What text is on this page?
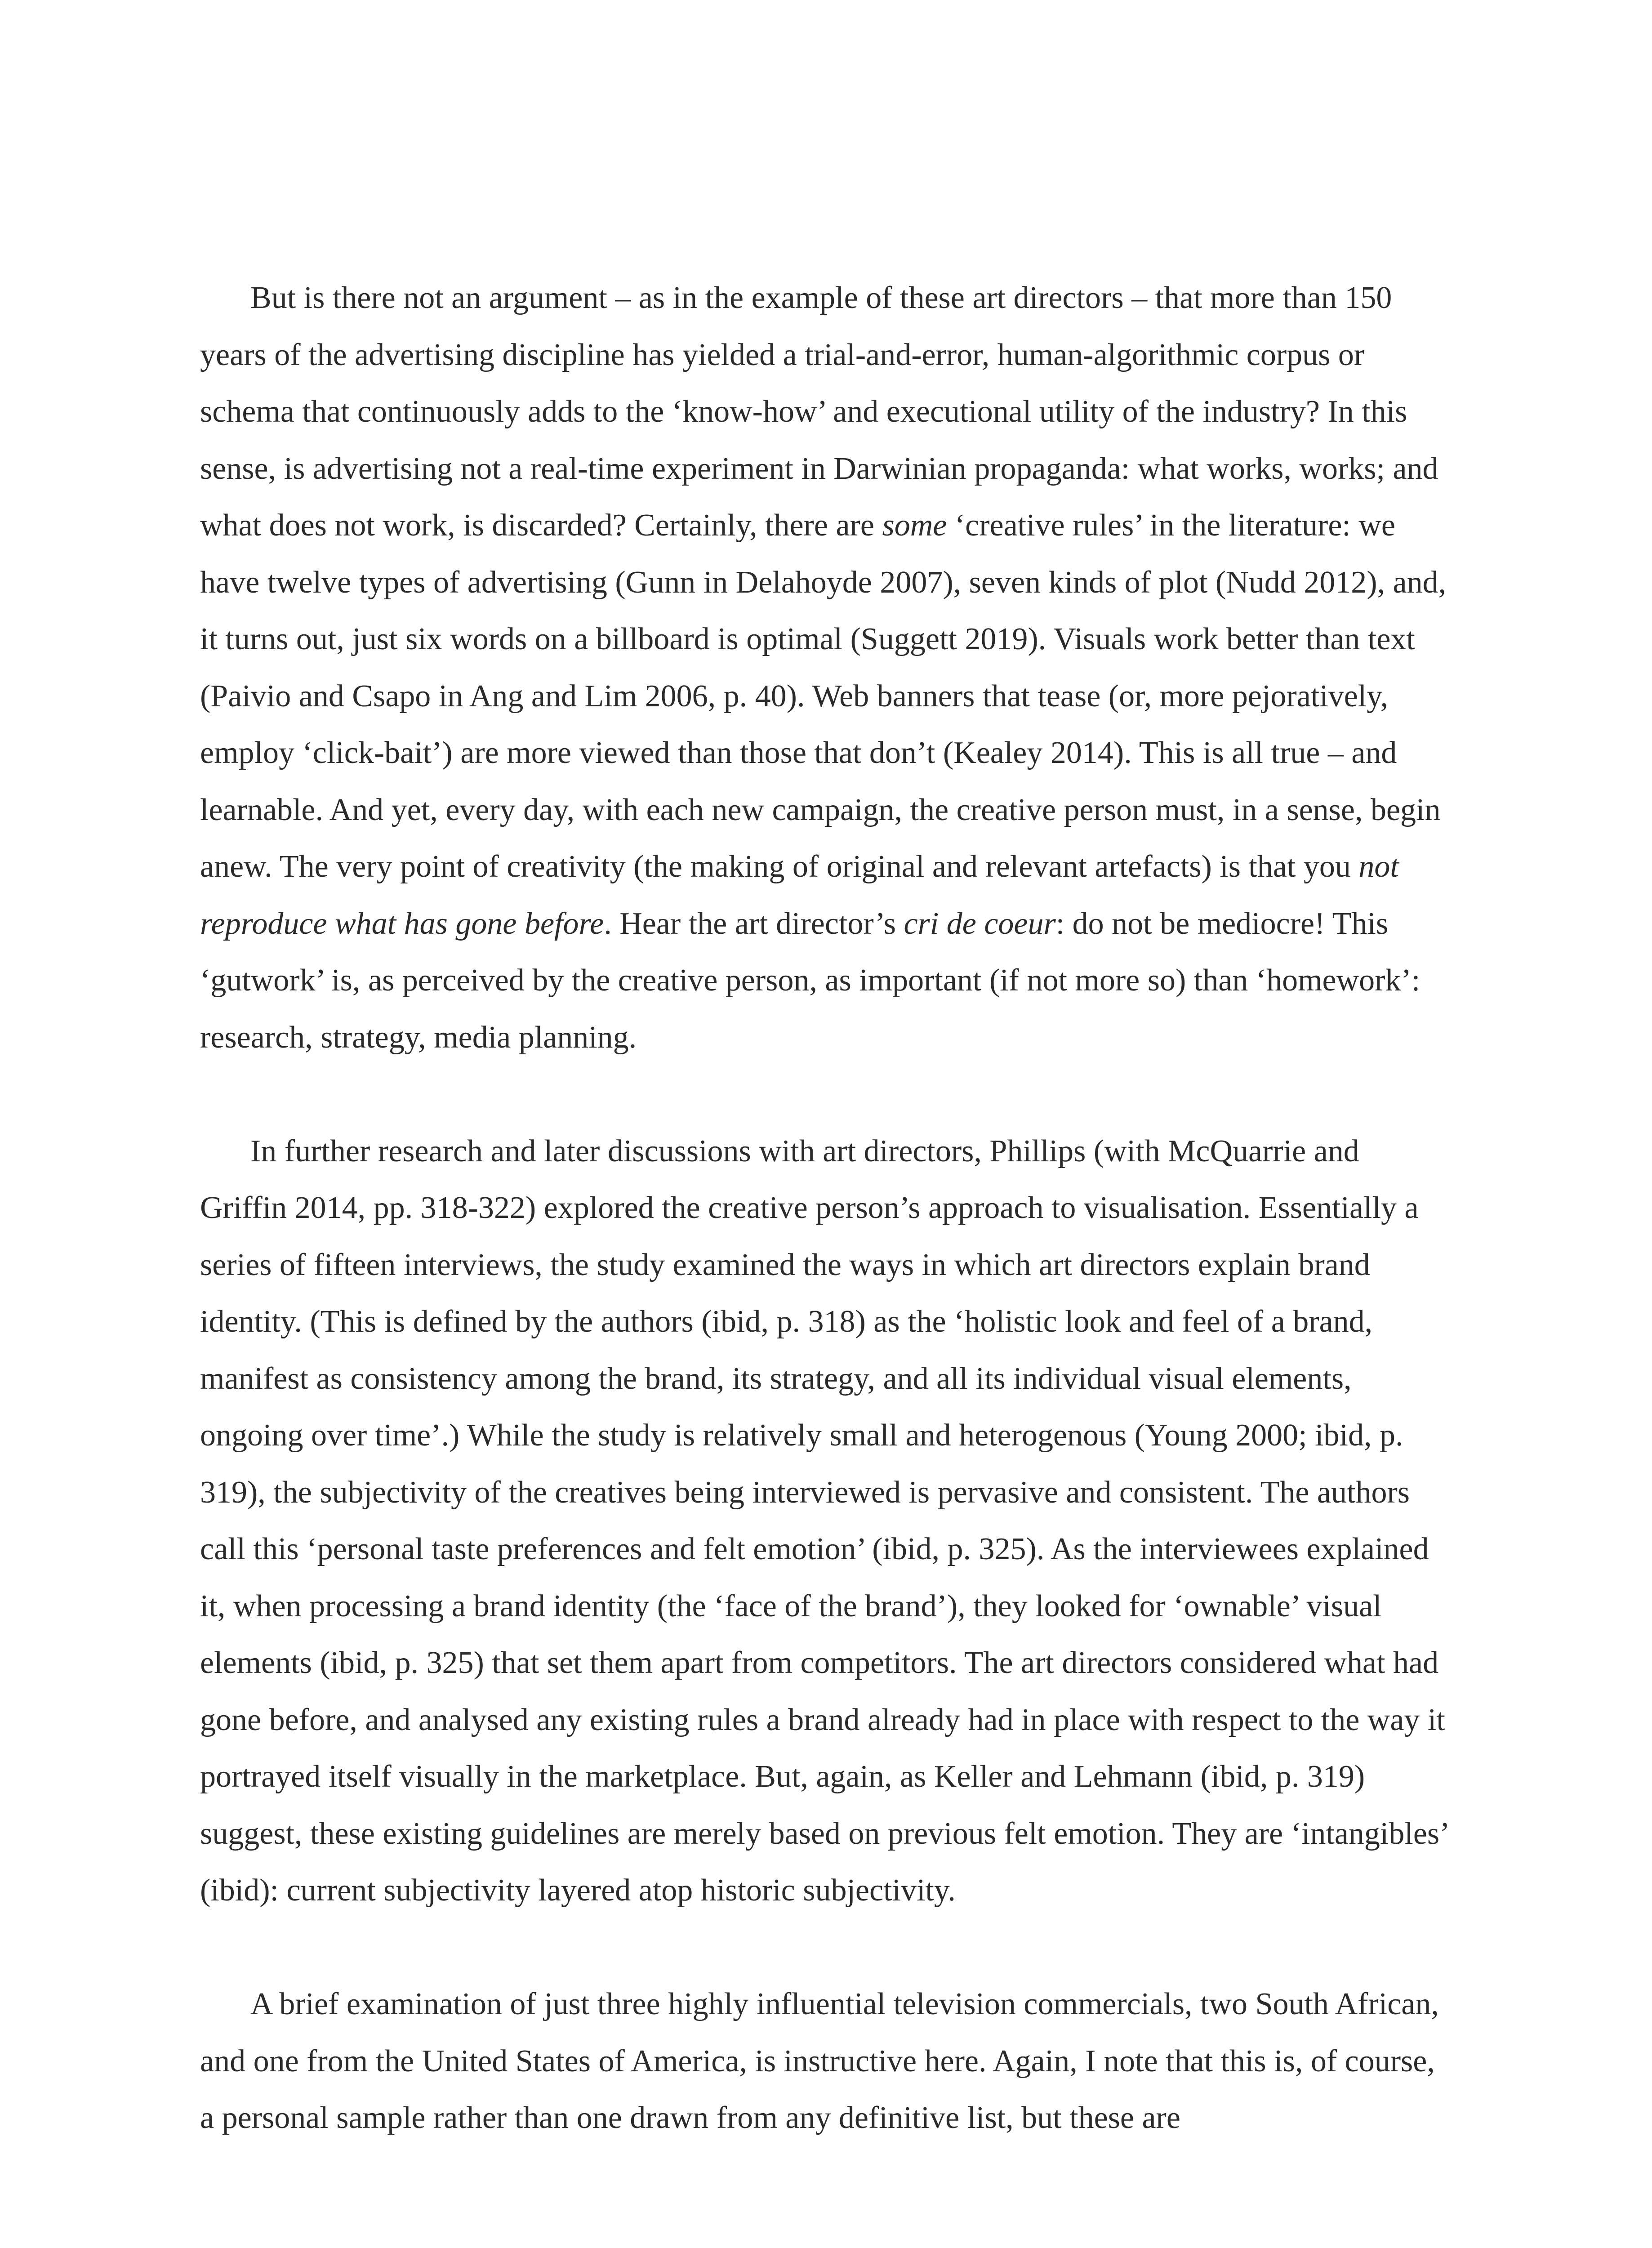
But is there not an argument – as in the example of these art directors – that more than 150 years of the advertising discipline has yielded a trial-and-error, human-algorithmic corpus or schema that continuously adds to the ‘know-how’ and executional utility of the industry? In this sense, is advertising not a real-time experiment in Darwinian propaganda: what works, works; and what does not work, is discarded? Certainly, there are some ‘creative rules’ in the literature: we have twelve types of advertising (Gunn in Delahoyde 2007), seven kinds of plot (Nudd 2012), and, it turns out, just six words on a billboard is optimal (Suggett 2019). Visuals work better than text (Paivio and Csapo in Ang and Lim 2006, p. 40). Web banners that tease (or, more pejoratively, employ ‘click-bait’) are more viewed than those that don’t (Kealey 2014). This is all true – and learnable. And yet, every day, with each new campaign, the creative person must, in a sense, begin anew. The very point of creativity (the making of original and relevant artefacts) is that you not reproduce what has gone before. Hear the art director’s cri de coeur: do not be mediocre! This ‘gutwork’ is, as perceived by the creative person, as important (if not more so) than ‘homework’: research, strategy, media planning.

In further research and later discussions with art directors, Phillips (with McQuarrie and Griffin 2014, pp. 318-322) explored the creative person’s approach to visualisation. Essentially a series of fifteen interviews, the study examined the ways in which art directors explain brand identity. (This is defined by the authors (ibid, p. 318) as the ‘holistic look and feel of a brand, manifest as consistency among the brand, its strategy, and all its individual visual elements, ongoing over time’.) While the study is relatively small and heterogenous (Young 2000; ibid, p. 319), the subjectivity of the creatives being interviewed is pervasive and consistent. The authors call this ‘personal taste preferences and felt emotion’ (ibid, p. 325). As the interviewees explained it, when processing a brand identity (the ‘face of the brand’), they looked for ‘ownable’ visual elements (ibid, p. 325) that set them apart from competitors. The art directors considered what had gone before, and analysed any existing rules a brand already had in place with respect to the way it portrayed itself visually in the marketplace. But, again, as Keller and Lehmann (ibid, p. 319) suggest, these existing guidelines are merely based on previous felt emotion. They are ‘intangibles’ (ibid): current subjectivity layered atop historic subjectivity.

A brief examination of just three highly influential television commercials, two South African, and one from the United States of America, is instructive here. Again, I note that this is, of course, a personal sample rather than one drawn from any definitive list, but these are
